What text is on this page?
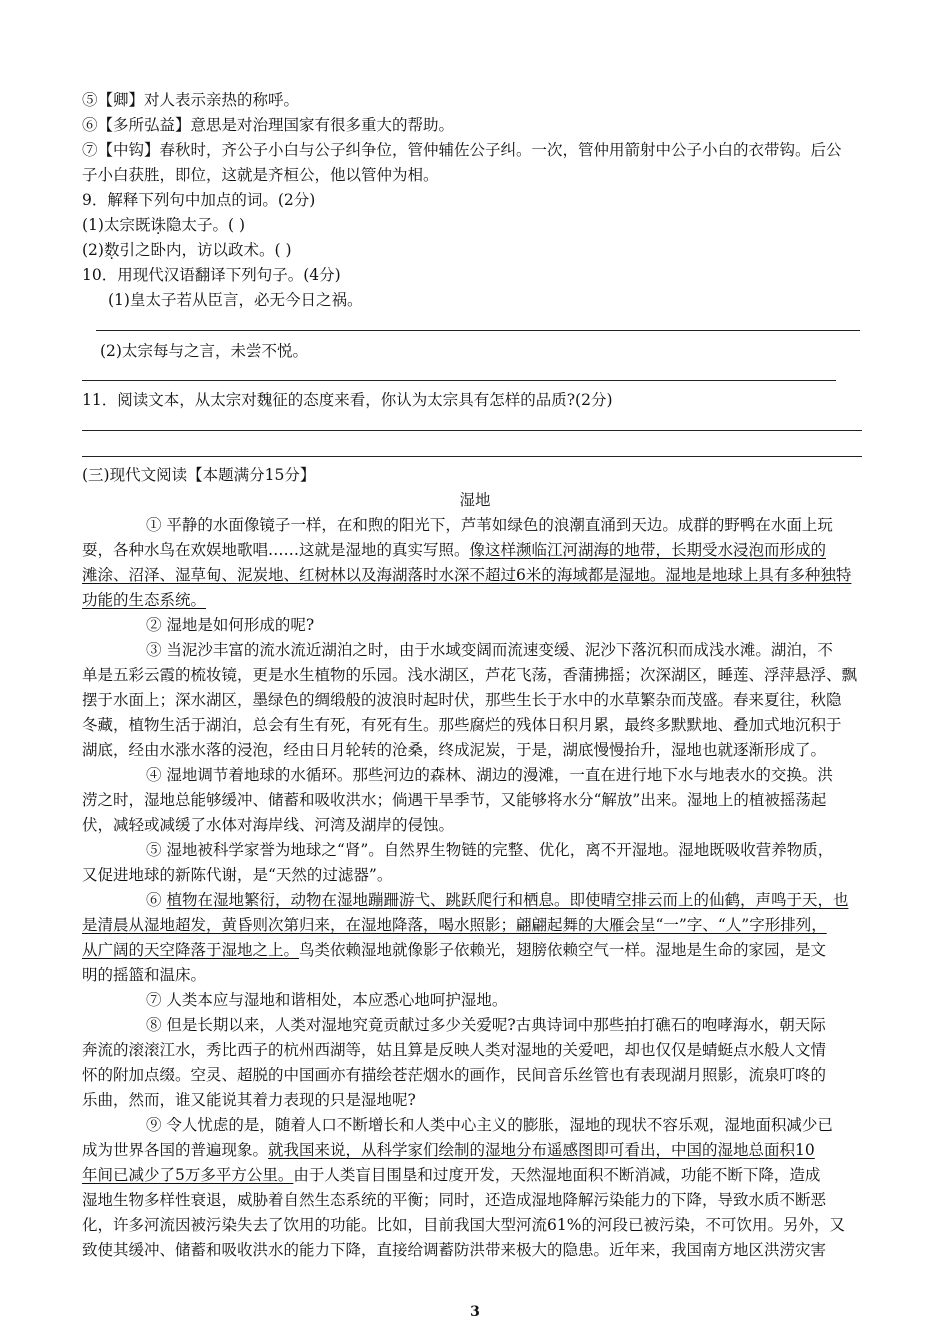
⑤【卿】对人表示亲热的称呼。
⑥【多所弘益】意思是对治理国家有很多重大的帮助。
⑦【中钩】春秋时，齐公子小白与公子纠争位，管仲辅佐公子纠。一次，管仲用箭射中公子小白的衣带钩。后公
子小白获胜，即位，这就是齐桓公，他以管仲为相。
9．解释下列句中加点的词。(2分)
(1)太宗既诛隐太子。( )
(2)数引之卧内，访以政术。( )
10．用现代汉语翻译下列句子。(4分)
(1)皇太子若从臣言，必无今日之祸。
(2)太宗每与之言，未尝不悦。
11．阅读文本，从太宗对魏征的态度来看，你认为太宗具有怎样的品质?(2分)
(三)现代文阅读【本题满分15分】
湿地
① 平静的水面像镜子一样，在和煦的阳光下，芦苇如绿色的浪潮直涌到天边。成群的野鸭在水面上玩
耍，各种水鸟在欢娱地歌唱……这就是湿地的真实写照。像这样濒临江河湖海的地带，长期受水浸泡而形成的
滩涂、沼泽、湿草甸、泥炭地、红树林以及海湖落时水深不超过6米的海域都是湿地。湿地是地球上具有多种独特
功能的生态系统。
② 湿地是如何形成的呢?
③ 当泥沙丰富的流水流近湖泊之时，由于水域变阔而流速变缓、泥沙下落沉积而成浅水滩。湖泊，不
单是五彩云霞的梳妆镜，更是水生植物的乐园。浅水湖区，芦花飞荡，香蒲拂摇；次深湖区，睡莲、浮萍悬浮、飘
摆于水面上；深水湖区，墨绿色的绸缎般的波浪时起时伏，那些生长于水中的水草繁杂而茂盛。春来夏往，秋隐
冬藏，植物生活于湖泊，总会有生有死，有死有生。那些腐烂的残体日积月累，最终多默默地、叠加式地沉积于
湖底，经由水涨水落的浸泡，经由日月轮转的沧桑，终成泥炭，于是，湖底慢慢抬升，湿地也就逐渐形成了。
④ 湿地调节着地球的水循环。那些河边的森林、湖边的漫滩，一直在进行地下水与地表水的交换。洪
涝之时，湿地总能够缓冲、储蓄和吸收洪水；倘遇干旱季节，又能够将水分“解放”出来。湿地上的植被摇荡起
伏，减轻或减缓了水体对海岸线、河湾及湖岸的侵蚀。
⑤ 湿地被科学家誉为地球之“肾”。自然界生物链的完整、优化，离不开湿地。湿地既吸收营养物质，
又促进地球的新陈代谢，是“天然的过滤器”。
⑥ 植物在湿地繁衍，动物在湿地蹦跚游弋、跳跃爬行和栖息。即使晴空排云而上的仙鹤，声鸣于天，也
是清晨从湿地超发，黄昏则次第归来，在湿地降落，喝水照影；翩翩起舞的大雁会呈“一”字、“人”字形排列，
从广阔的天空降落于湿地之上。鸟类依赖湿地就像影子依赖光，翅膀依赖空气一样。湿地是生命的家园，是文
明的摇篮和温床。
⑦ 人类本应与湿地和谐相处，本应悉心地呵护湿地。
⑧ 但是长期以来，人类对湿地究竟贡献过多少关爱呢?古典诗词中那些拍打礁石的咆哮海水，朝天际
奔流的滚滚江水，秀比西子的杭州西湖等，姑且算是反映人类对湿地的关爱吧，却也仅仅是蜻蜓点水般人文情
怀的附加点缀。空灵、超脱的中国画亦有描绘苍茫烟水的画作，民间音乐丝管也有表现湖月照影，流泉叮咚的
乐曲，然而，谁又能说其着力表现的只是湿地呢?
⑨ 令人忧虑的是，随着人口不断增长和人类中心主义的膨胀，湿地的现状不容乐观，湿地面积减少已
成为世界各国的普遍现象。就我国来说，从科学家们绘制的湿地分布遥感图即可看出，中国的湿地总面积10
年间已减少了5万多平方公里。由于人类盲目围垦和过度开发，天然湿地面积不断消减，功能不断下降，造成
湿地生物多样性衰退，威胁着自然生态系统的平衡；同时，还造成湿地降解污染能力的下降，导致水质不断恶
化，许多河流因被污染失去了饮用的功能。比如，目前我国大型河流61%的河段已被污染，不可饮用。另外，又
致使其缓冲、储蓄和吸收洪水的能力下降，直接给调蓄防洪带来极大的隐患。近年来，我国南方地区洪涝灾害
3
